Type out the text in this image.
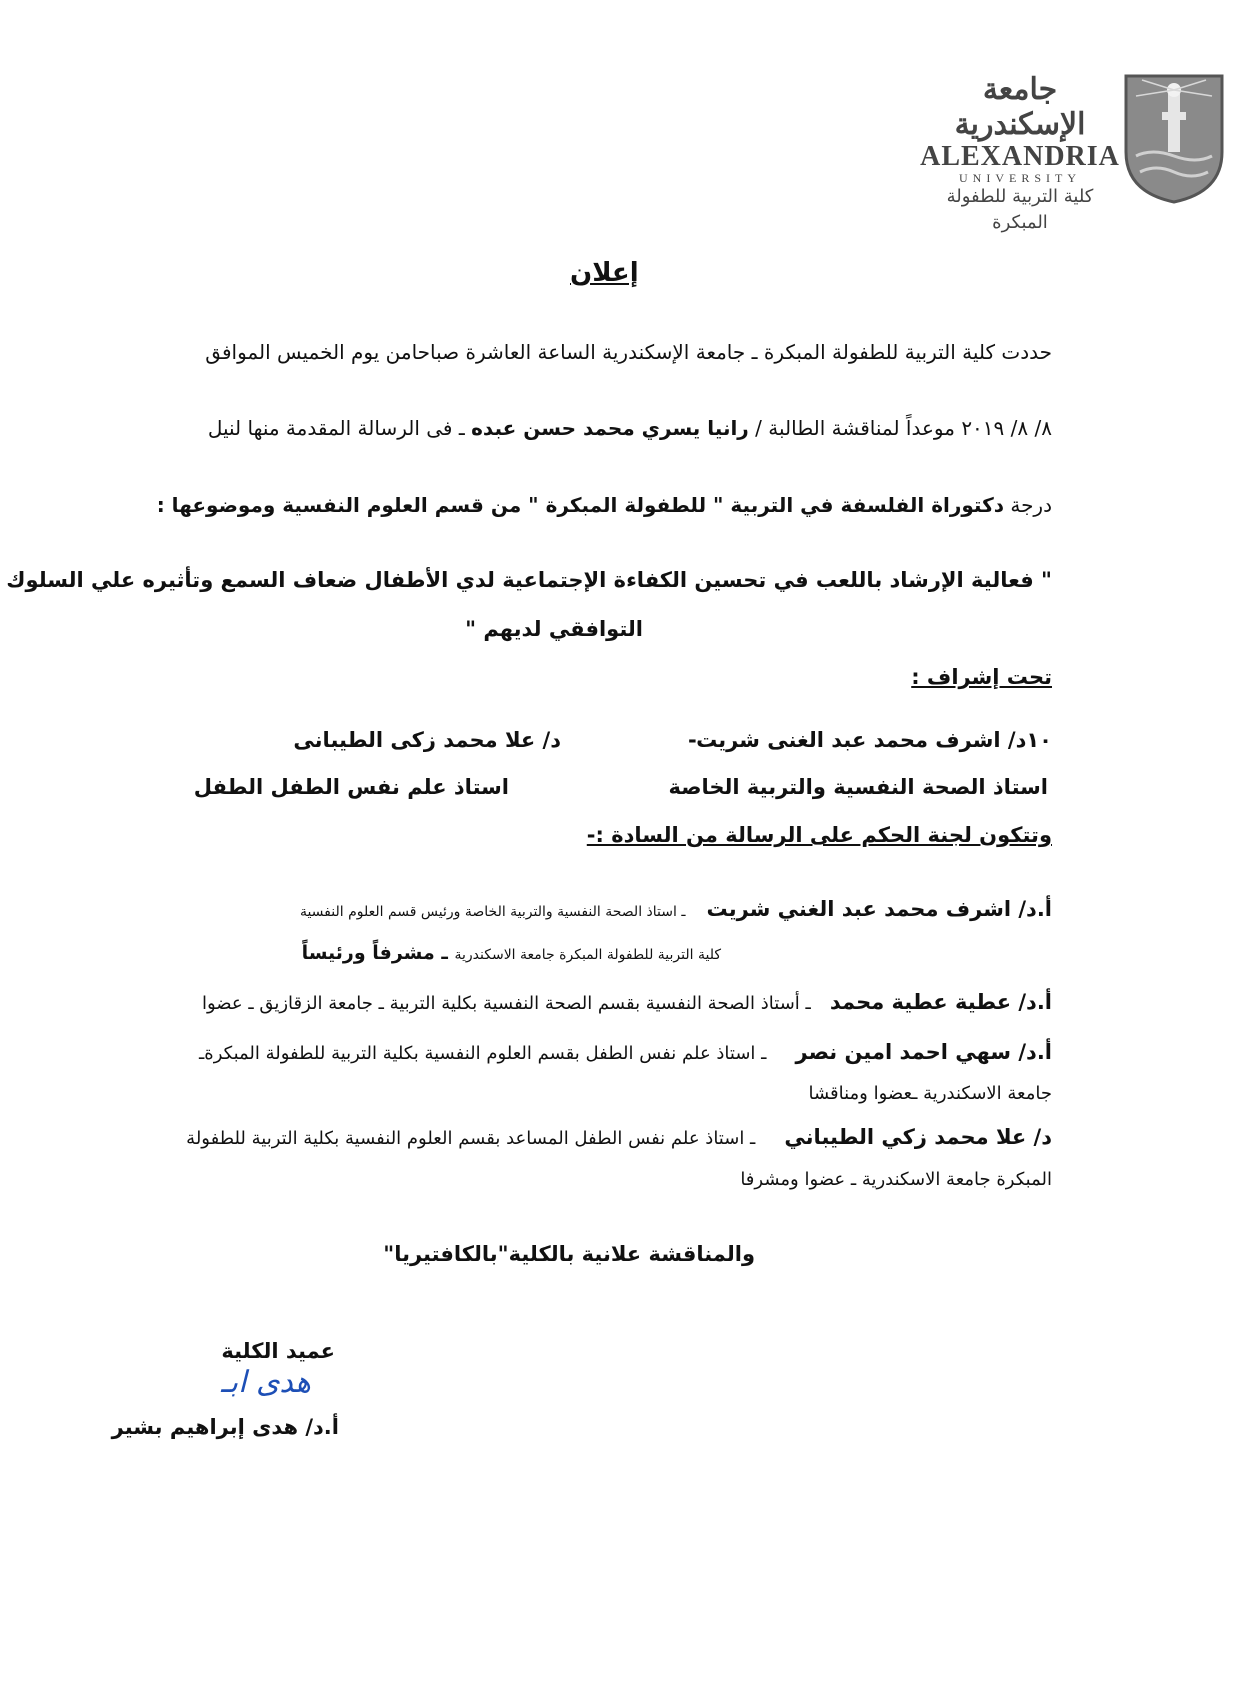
جامعة الإسكندرية
ALEXANDRIA
UNIVERSITY
كلية التربية للطفولة المبكرة
إعلان
حددت كلية التربية للطفولة المبكرة ـ جامعة الإسكندرية الساعة العاشرة صباحامن يوم الخميس الموافق
٨/ ٨/ ٢٠١٩ موعداً لمناقشة الطالبة / رانيا يسري محمد حسن عبده ـ فى الرسالة المقدمة منها لنيل
درجة دكتوراة الفلسفة في التربية " للطفولة المبكرة " من قسم العلوم النفسية وموضوعها :
" فعالية الإرشاد باللعب في تحسين الكفاءة الإجتماعية لدي الأطفال ضعاف السمع وتأثيره علي السلوك
التوافقي لديهم "
تحت إشراف :
١٠د/ اشرف محمد عبد الغنى شريت
-
د/ علا محمد زكى الطيبانى
استاذ الصحة النفسية والتربية الخاصة
استاذ علم نفس الطفل الطفل
وتتكون لجنة الحكم على الرسالة من السادة :-
أ.د/ اشرف محمد عبد الغني شريت ـ استاذ الصحة النفسية والتربية الخاصة ورئيس قسم العلوم النفسية
كلية التربية للطفولة المبكرة جامعة الاسكندرية ـ مشرفاً ورئيساً
أ.د/ عطية عطية محمد ـ أستاذ الصحة النفسية بقسم الصحة النفسية بكلية التربية ـ جامعة الزقازيق ـ عضوا
أ.د/ سهي احمد امين نصر ـ استاذ علم نفس الطفل بقسم العلوم النفسية بكلية التربية للطفولة المبكرةـ
جامعة الاسكندرية ـعضوا ومناقشا
د/ علا محمد زكي الطيباني ـ استاذ علم نفس الطفل المساعد بقسم العلوم النفسية بكلية التربية للطفولة
المبكرة جامعة الاسكندرية ـ عضوا ومشرفا
والمناقشة علانية بالكلية"بالكافتيريا"
عميد الكلية
هدى ابـ
أ.د/ هدى إبراهيم بشير
